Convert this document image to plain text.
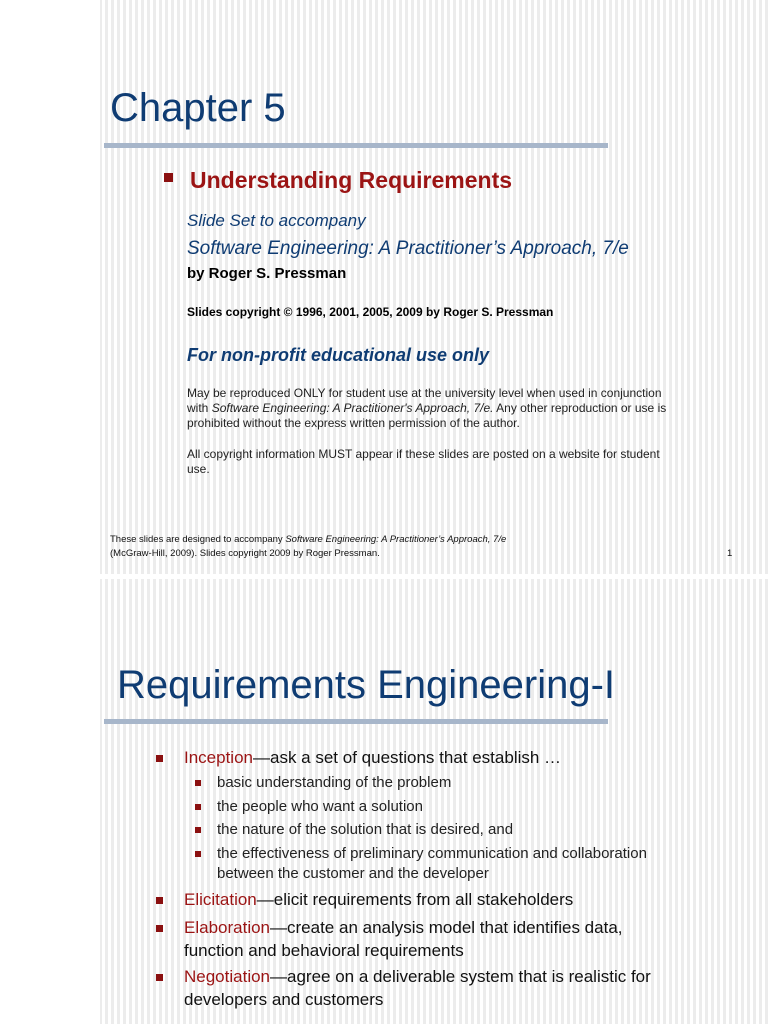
Chapter 5
Understanding Requirements
Slide Set to accompany
Software Engineering: A Practitioner’s Approach, 7/e
by Roger S. Pressman
Slides copyright © 1996, 2001, 2005, 2009 by Roger S. Pressman
For non-profit educational use only
May be reproduced ONLY for student use at the university level when used in conjunction
with Software Engineering: A Practitioner's Approach, 7/e. Any other reproduction or use is
prohibited without the express written permission of the author.
All copyright information MUST appear if these slides are posted on a website for student
use.
These slides are designed to accompany Software Engineering: A Practitioner’s Approach, 7/e
(McGraw-Hill, 2009). Slides copyright 2009 by Roger Pressman.	1
Requirements Engineering-I
Inception—ask a set of questions that establish …
basic understanding of the problem
the people who want a solution
the nature of the solution that is desired, and
the effectiveness of preliminary communication and collaboration
between the customer and the developer
Elicitation—elicit requirements from all stakeholders
Elaboration—create an analysis model that identifies data,
function and behavioral requirements
Negotiation—agree on a deliverable system that is realistic for
developers and customers
